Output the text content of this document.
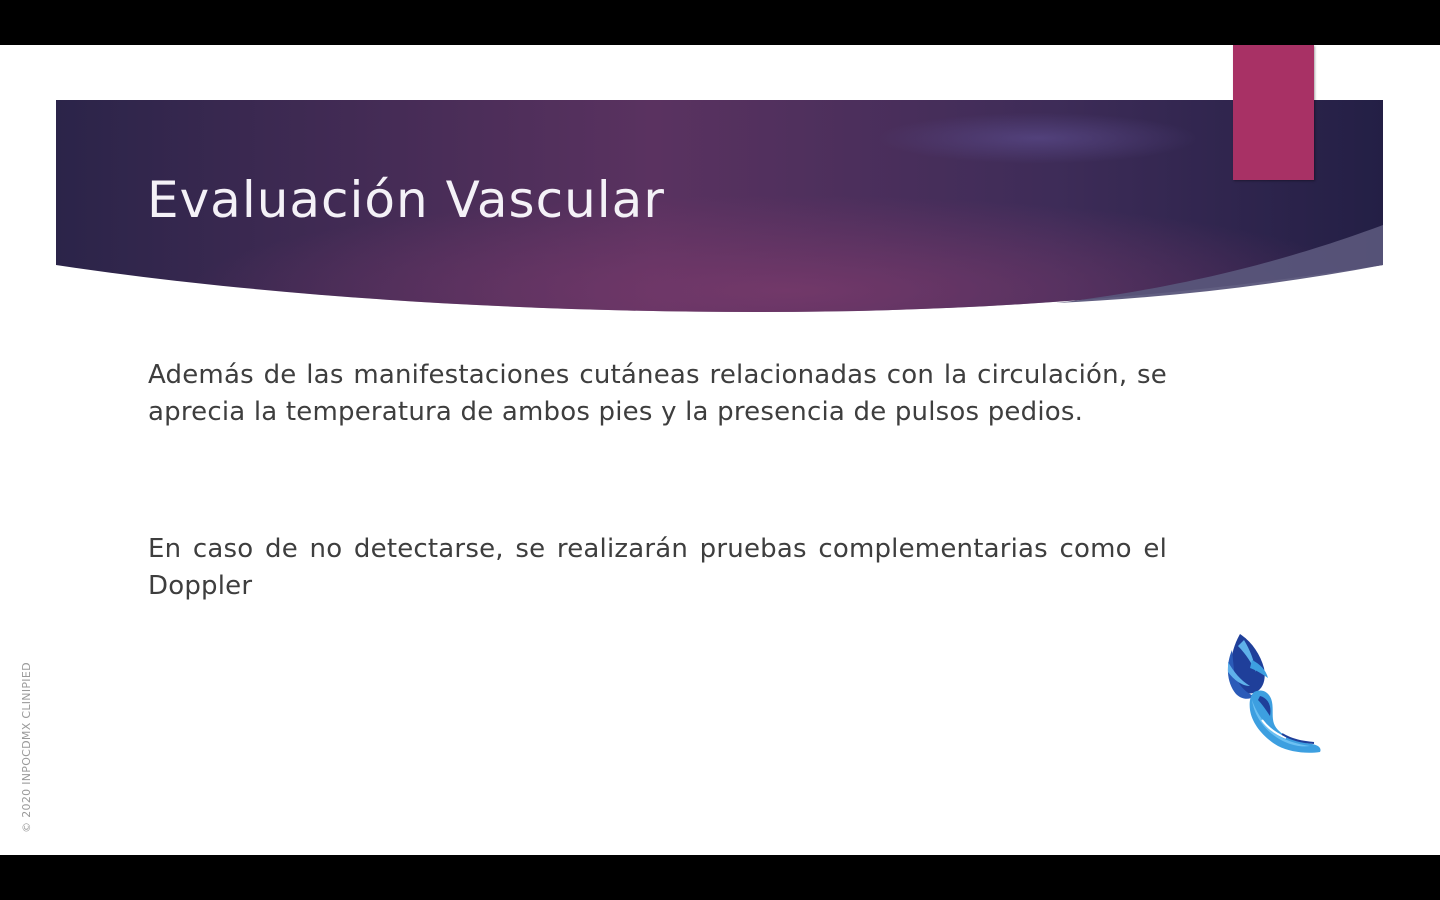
Evaluación Vascular

Además de las manifestaciones cutáneas relacionadas con la circulación, se aprecia la temperatura de ambos pies y la presencia de pulsos pedios.

En caso de no detectarse, se realizarán pruebas complementarias como el Doppler

© 2020 INPOCDMX CLINIPIED
